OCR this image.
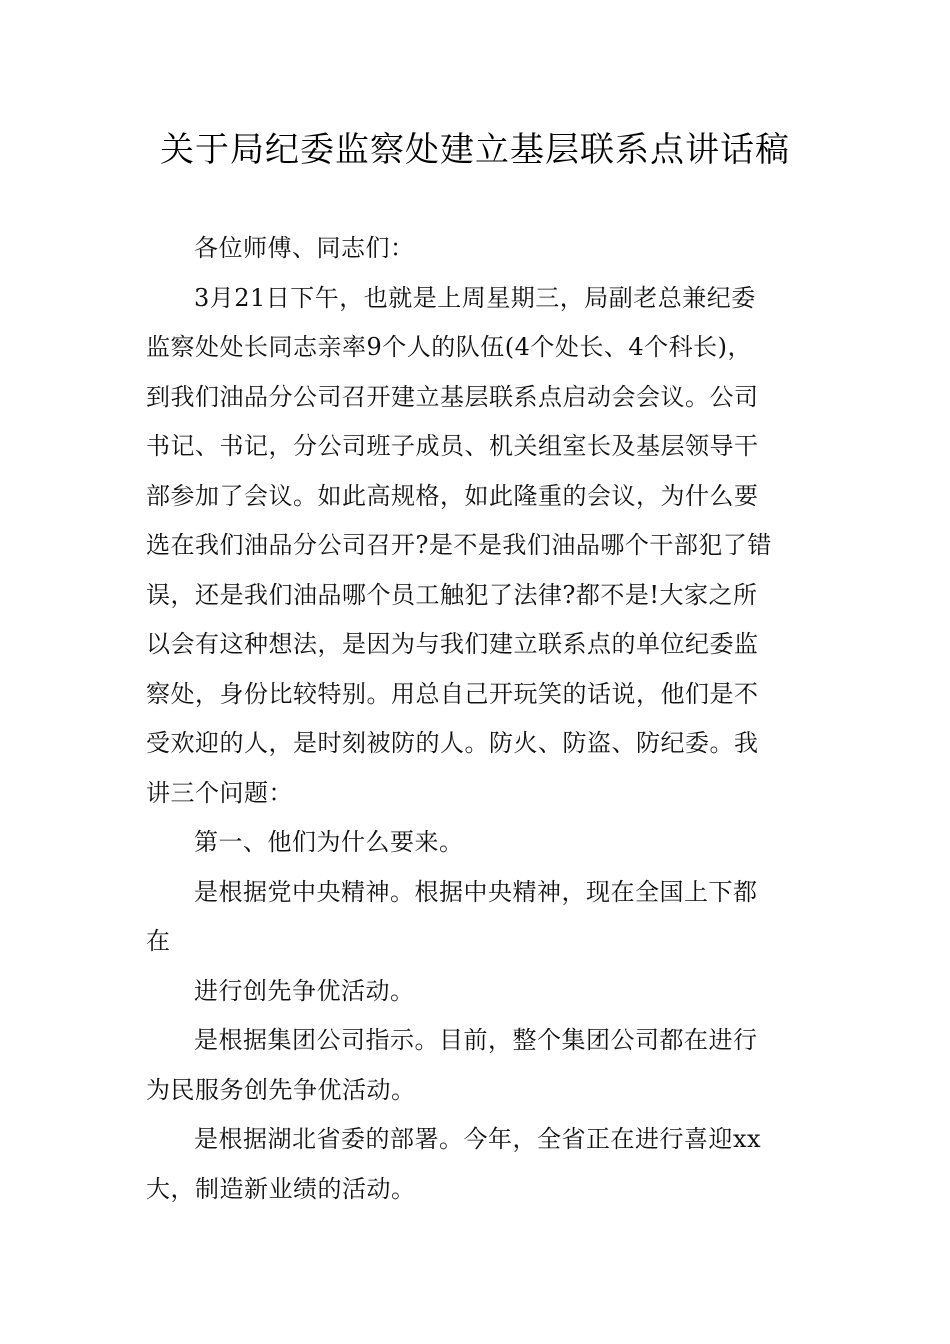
关于局纪委监察处建立基层联系点讲话稿
各位师傅、同志们：
3月21日下午，也就是上周星期三，局副老总兼纪委
监察处处长同志亲率9个人的队伍(4个处长、4个科长)，
到我们油品分公司召开建立基层联系点启动会会议。公司
书记、书记，分公司班子成员、机关组室长及基层领导干
部参加了会议。如此高规格，如此隆重的会议，为什么要
选在我们油品分公司召开?是不是我们油品哪个干部犯了错
误，还是我们油品哪个员工触犯了法律?都不是!大家之所
以会有这种想法，是因为与我们建立联系点的单位纪委监
察处，身份比较特别。用总自己开玩笑的话说，他们是不
受欢迎的人，是时刻被防的人。防火、防盗、防纪委。我
讲三个问题：
第一、他们为什么要来。
是根据党中央精神。根据中央精神，现在全国上下都
在
进行创先争优活动。
是根据集团公司指示。目前，整个集团公司都在进行
为民服务创先争优活动。
是根据湖北省委的部署。今年，全省正在进行喜迎xx
大，制造新业绩的活动。
